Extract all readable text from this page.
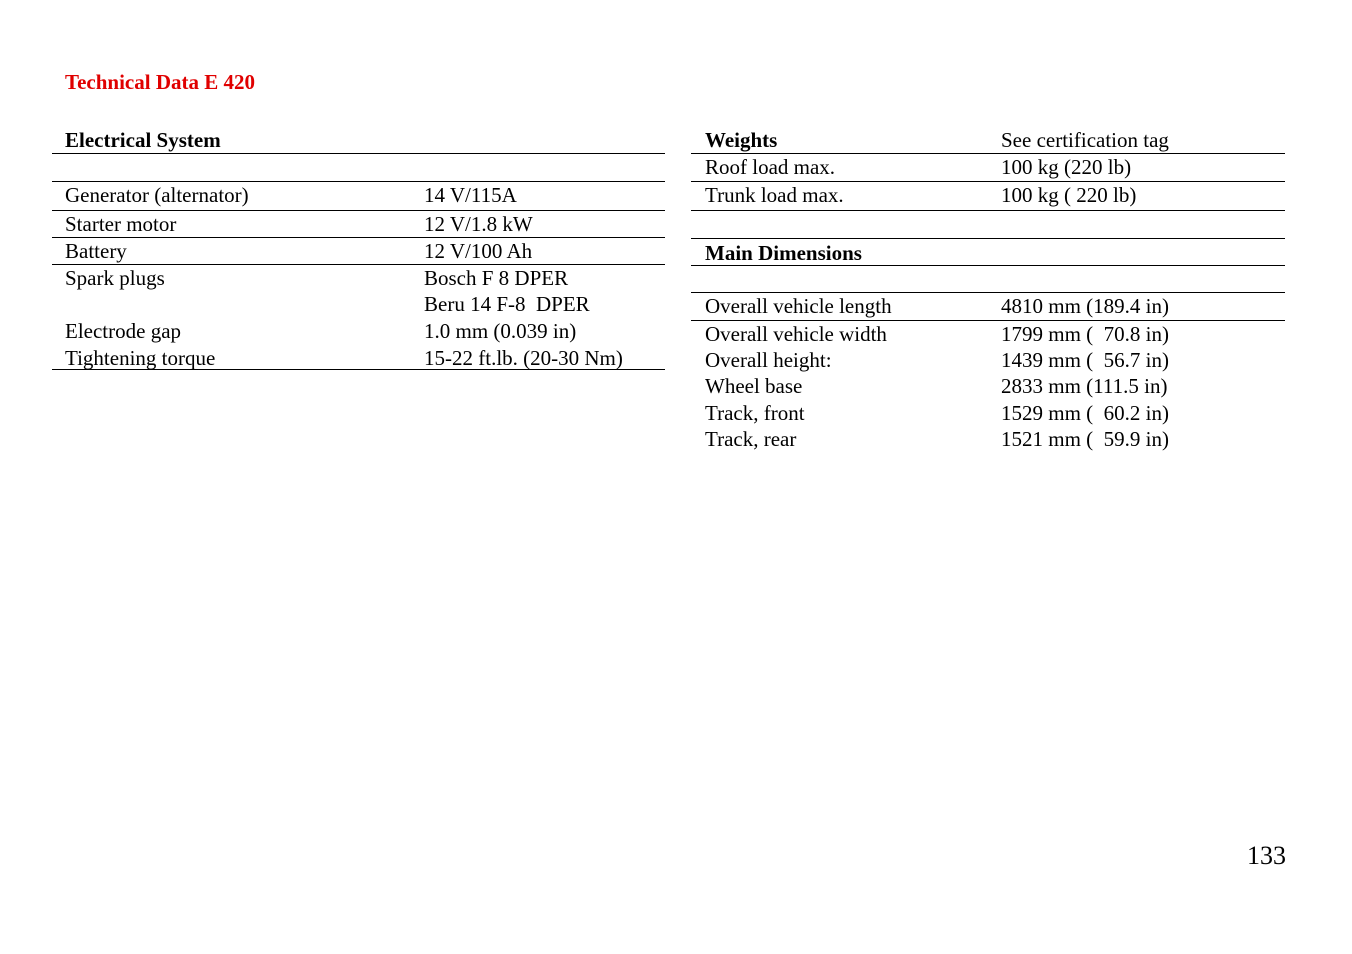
Technical Data E 420
Electrical System
Generator (alternator)	14 V/115A
Starter motor	12 V/1.8 kW
Battery	12 V/100 Ah
Spark plugs	Bosch F 8 DPER
Beru 14 F-8  DPER
Electrode gap	1.0 mm (0.039 in)
Tightening torque	15-22 ft.lb. (20-30 Nm)
Weights	See certification tag
Roof load max.	100 kg (220 lb)
Trunk load max.	100 kg ( 220 lb)
Main Dimensions
Overall vehicle length	4810 mm (189.4 in)
Overall vehicle width	1799 mm (  70.8 in)
Overall height:	1439 mm (  56.7 in)
Wheel base	2833 mm (111.5 in)
Track, front	1529 mm (  60.2 in)
Track, rear	1521 mm (  59.9 in)
133
